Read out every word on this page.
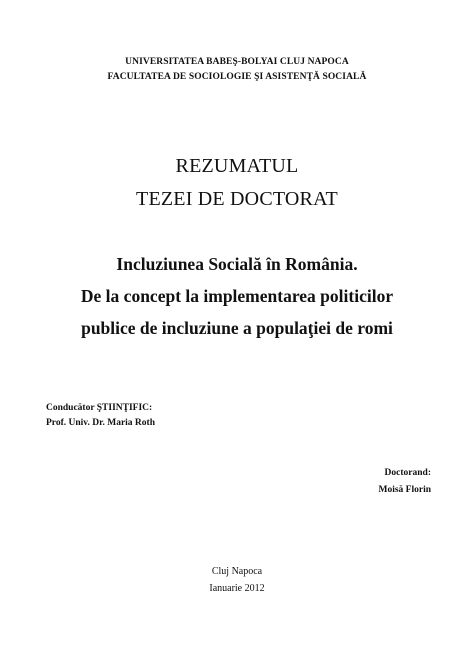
UNIVERSITATEA BABEŞ-BOLYAI CLUJ NAPOCA
FACULTATEA DE SOCIOLOGIE ŞI ASISTENŢĂ SOCIALĂ
REZUMATUL
TEZEI DE DOCTORAT
Incluziunea Socială în România.
De la concept la implementarea politicilor
publice de incluziune a populaţiei de romi
Conducător ŞTIINŢIFIC:
Prof. Univ. Dr. Maria Roth
Doctorand:
Moisă Florin
Cluj Napoca
Ianuarie 2012
